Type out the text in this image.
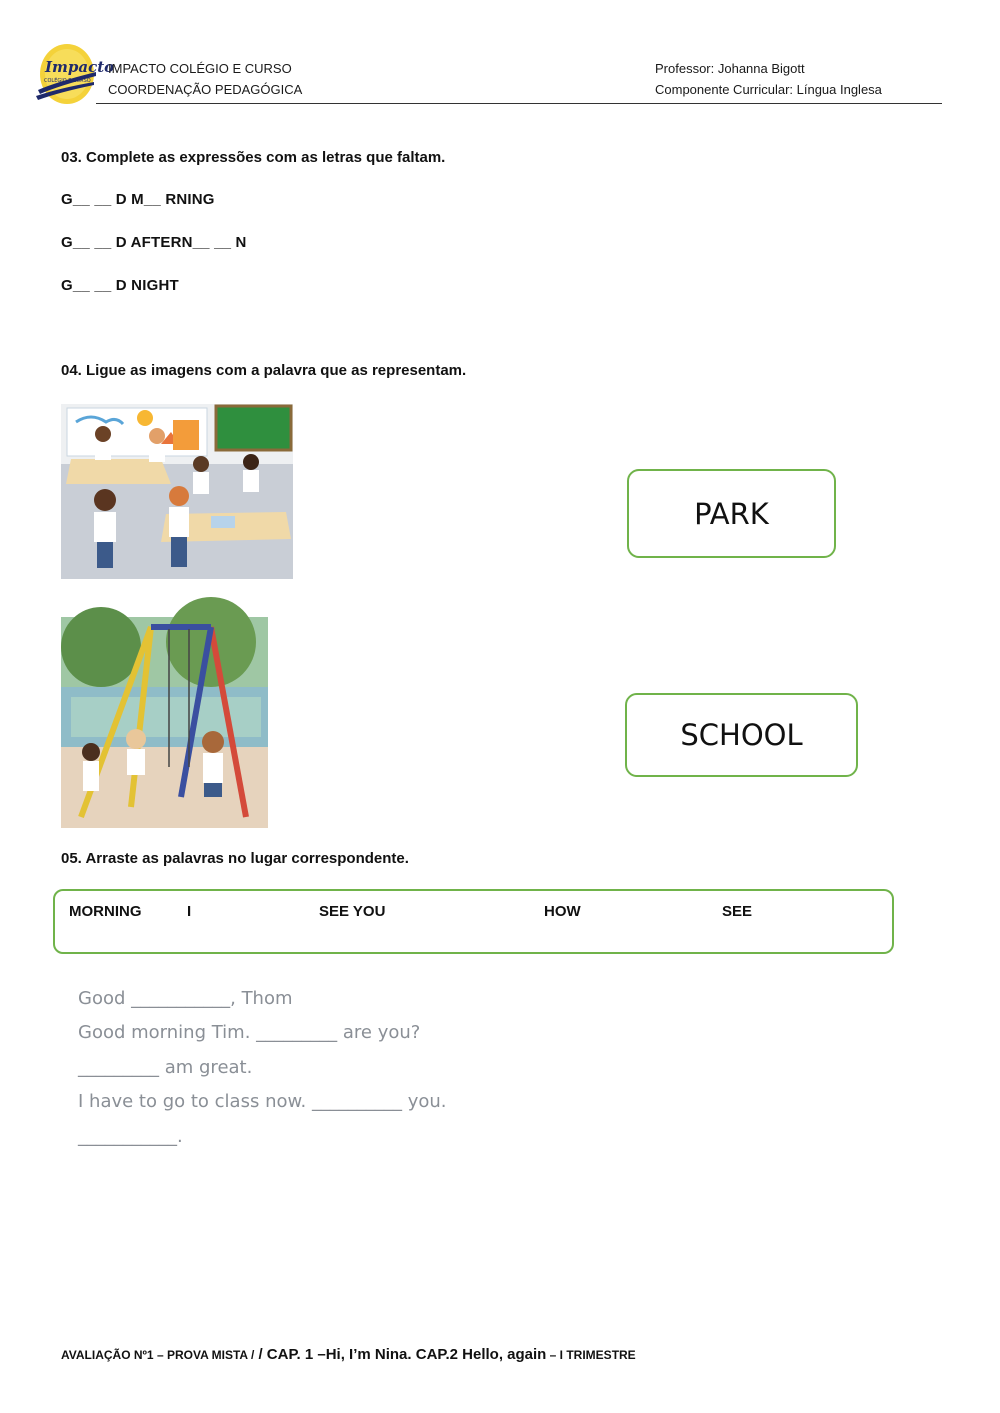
Impacto
COLÉGIO E CURSO
IMPACTO COLÉGIO E CURSO
COORDENAÇÃO PEDAGÓGICA
Professor: Johanna Bigott
Componente Curricular: Língua Inglesa
03. Complete as expressões com as letras que faltam.
G__ __ D M__ RNING
G__ __ D AFTERN__ __ N
G__ __ D NIGHT
04. Ligue as imagens com a palavra que as representam.
PARK
SCHOOL
05. Arraste as palavras no lugar correspondente.
MORNING	I	SEE YOU	HOW	SEE
Good ___________, Thom
Good morning Tim. _________ are you?
_________ am great.
I have to go to class now. __________ you.
___________.
AVALIAÇÃO Nº1 – PROVA MISTA / / CAP. 1 –Hi, I’m Nina. CAP.2 Hello, again – I TRIMESTRE
